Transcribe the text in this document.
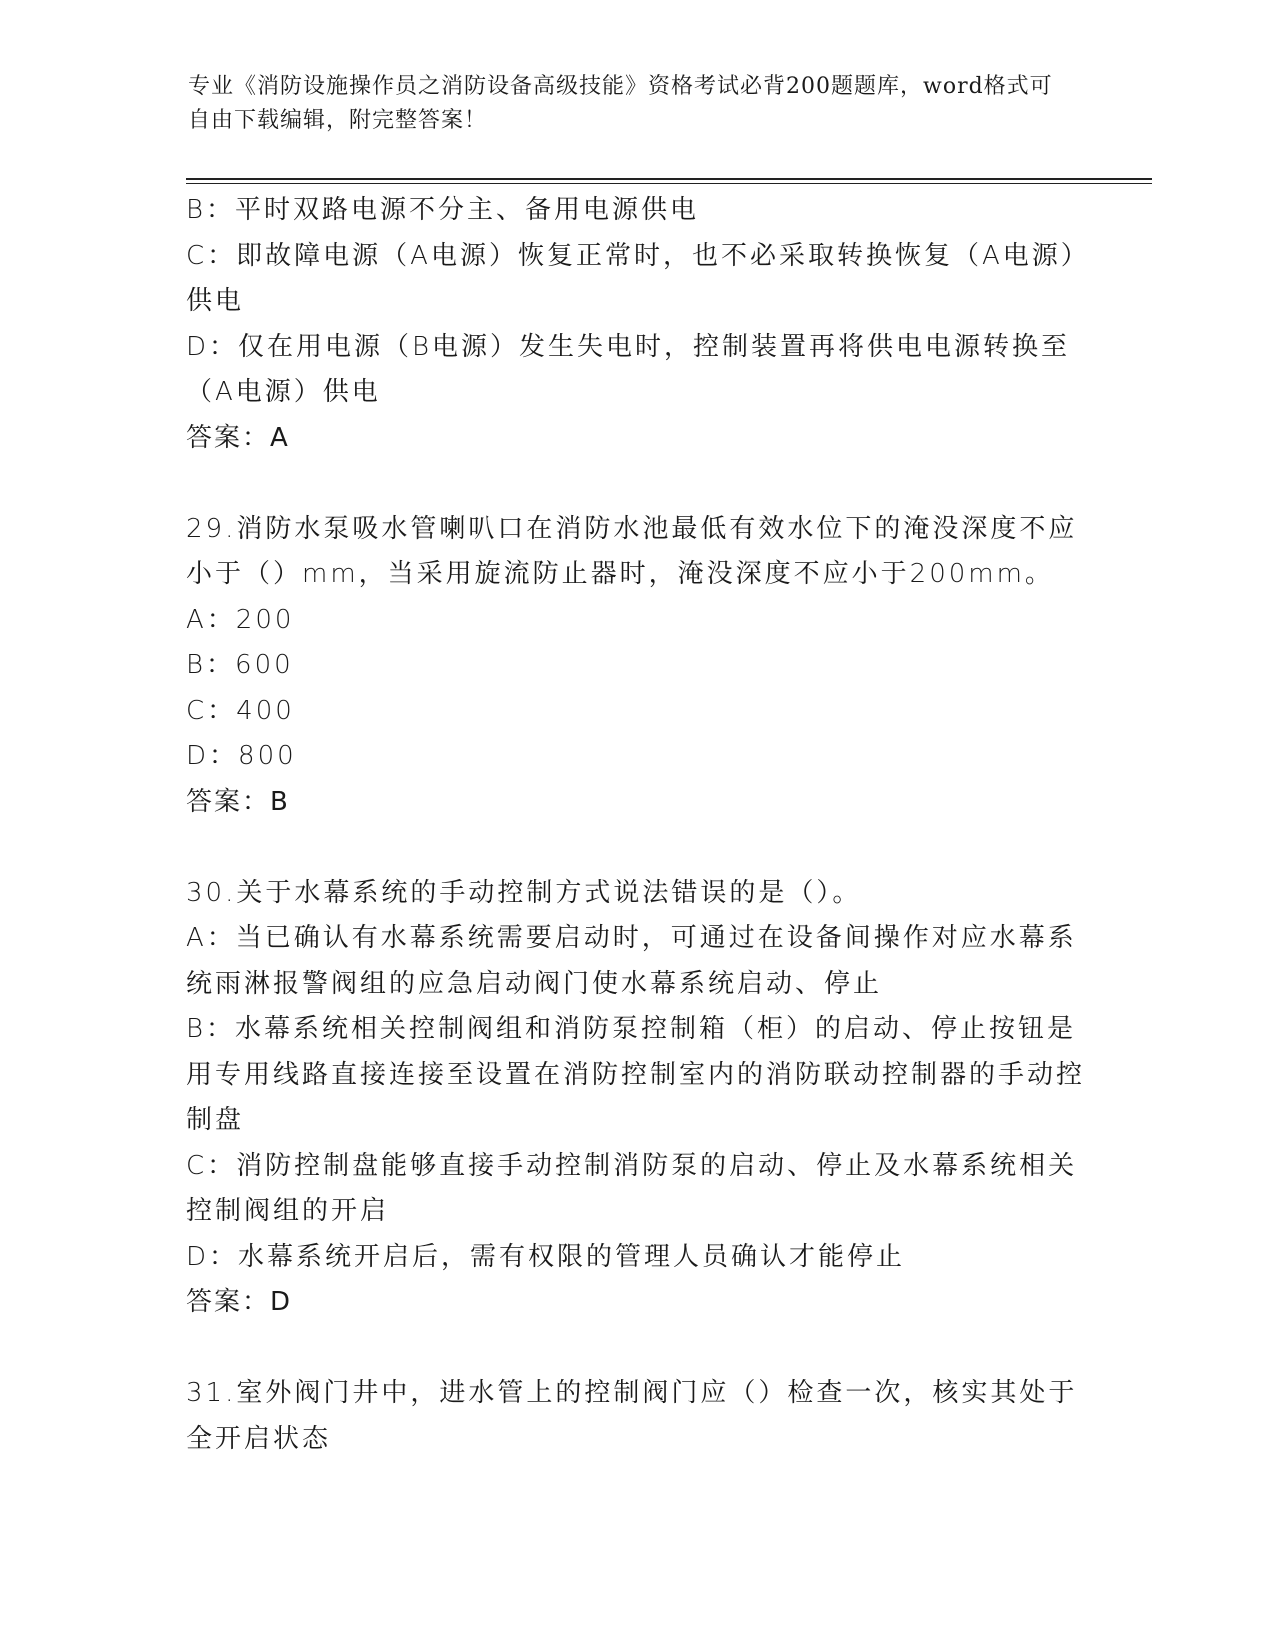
专业《消防设施操作员之消防设备高级技能》资格考试必背200题题库，word格式可自由下载编辑，附完整答案！

B：平时双路电源不分主、备用电源供电

C：即故障电源（A电源）恢复正常时，也不必采取转换恢复（A电源）供电

D：仅在用电源（B电源）发生失电时，控制装置再将供电电源转换至（A电源）供电

答案：A

29.消防水泵吸水管喇叭口在消防水池最低有效水位下的淹没深度不应小于（）mm，当采用旋流防止器时，淹没深度不应小于200mm。

A：200

B：600

C：400

D：800

答案：B

30.关于水幕系统的手动控制方式说法错误的是（）。

A：当已确认有水幕系统需要启动时，可通过在设备间操作对应水幕系统雨淋报警阀组的应急启动阀门使水幕系统启动、停止

B：水幕系统相关控制阀组和消防泵控制箱（柜）的启动、停止按钮是用专用线路直接连接至设置在消防控制室内的消防联动控制器的手动控制盘

C：消防控制盘能够直接手动控制消防泵的启动、停止及水幕系统相关控制阀组的开启

D：水幕系统开启后，需有权限的管理人员确认才能停止

答案：D

31.室外阀门井中，进水管上的控制阀门应（）检查一次，核实其处于全开启状态
